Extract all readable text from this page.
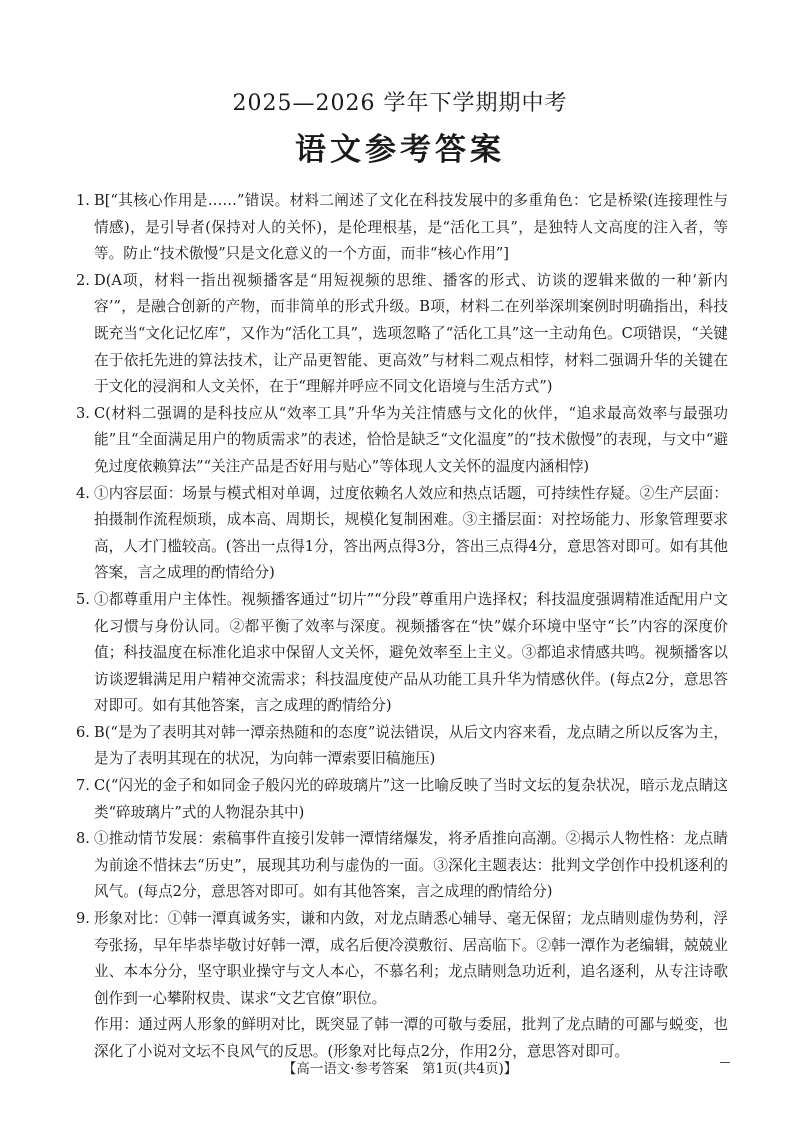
2025—2026 学年下学期期中考
语文参考答案
1. B[“其核心作用是……”错误。材料二阐述了文化在科技发展中的多重角色：它是桥梁(连接理性与情感)，是引导者(保持对人的关怀)，是伦理根基，是“活化工具”，是独特人文高度的注入者，等等。防止“技术傲慢”只是文化意义的一个方面，而非“核心作用”]

2. D(A项，材料一指出视频播客是“用短视频的思维、播客的形式、访谈的逻辑来做的一种‘新内容’”，是融合创新的产物，而非简单的形式升级。B项，材料二在列举深圳案例时明确指出，科技既充当“文化记忆库”，又作为“活化工具”，选项忽略了“活化工具”这一主动角色。C项错误，“关键在于依托先进的算法技术，让产品更智能、更高效”与材料二观点相悖，材料二强调升华的关键在于文化的浸润和人文关怀，在于“理解并呼应不同文化语境与生活方式”)

3. C(材料二强调的是科技应从“效率工具”升华为关注情感与文化的伙伴，“追求最高效率与最强功能”且“全面满足用户的物质需求”的表述，恰恰是缺乏“文化温度”的“技术傲慢”的表现，与文中“避免过度依赖算法”“关注产品是否好用与贴心”等体现人文关怀的温度内涵相悖)

4. ①内容层面：场景与模式相对单调，过度依赖名人效应和热点话题，可持续性存疑。②生产层面：拍摄制作流程烦琐，成本高、周期长，规模化复制困难。③主播层面：对控场能力、形象管理要求高，人才门槛较高。(答出一点得1分，答出两点得3分，答出三点得4分，意思答对即可。如有其他答案，言之成理的酌情给分)

5. ①都尊重用户主体性。视频播客通过“切片”“分段”尊重用户选择权；科技温度强调精准适配用户文化习惯与身份认同。②都平衡了效率与深度。视频播客在“快”媒介环境中坚守“长”内容的深度价值；科技温度在标准化追求中保留人文关怀，避免效率至上主义。③都追求情感共鸣。视频播客以访谈逻辑满足用户精神交流需求；科技温度使产品从功能工具升华为情感伙伴。(每点2分，意思答对即可。如有其他答案，言之成理的酌情给分)

6. B(“是为了表明其对韩一潭亲热随和的态度”说法错误，从后文内容来看，龙点睛之所以反客为主，是为了表明其现在的状况，为向韩一潭索要旧稿施压)

7. C(“闪光的金子和如同金子般闪光的碎玻璃片”这一比喻反映了当时文坛的复杂状况，暗示龙点睛这类“碎玻璃片”式的人物混杂其中)

8. ①推动情节发展：索稿事件直接引发韩一潭情绪爆发，将矛盾推向高潮。②揭示人物性格：龙点睛为前途不惜抹去“历史”，展现其功利与虚伪的一面。③深化主题表达：批判文学创作中投机逐利的风气。(每点2分，意思答对即可。如有其他答案，言之成理的酌情给分)

9. 形象对比：①韩一潭真诚务实，谦和内敛，对龙点睛悉心辅导、毫无保留；龙点睛则虚伪势利，浮夸张扬，早年毕恭毕敬讨好韩一潭，成名后便冷漠敷衍、居高临下。②韩一潭作为老编辑，兢兢业业、本本分分，坚守职业操守与文人本心，不慕名利；龙点睛则急功近利，追名逐利，从专注诗歌创作到一心攀附权贵、谋求“文艺官僚”职位。

作用：通过两人形象的鲜明对比，既突显了韩一潭的可敬与委屈，批判了龙点睛的可鄙与蜕变，也深化了小说对文坛不良风气的反思。(形象对比每点2分，作用2分，意思答对即可。

【高一语文·参考答案　第1页(共4页)】
